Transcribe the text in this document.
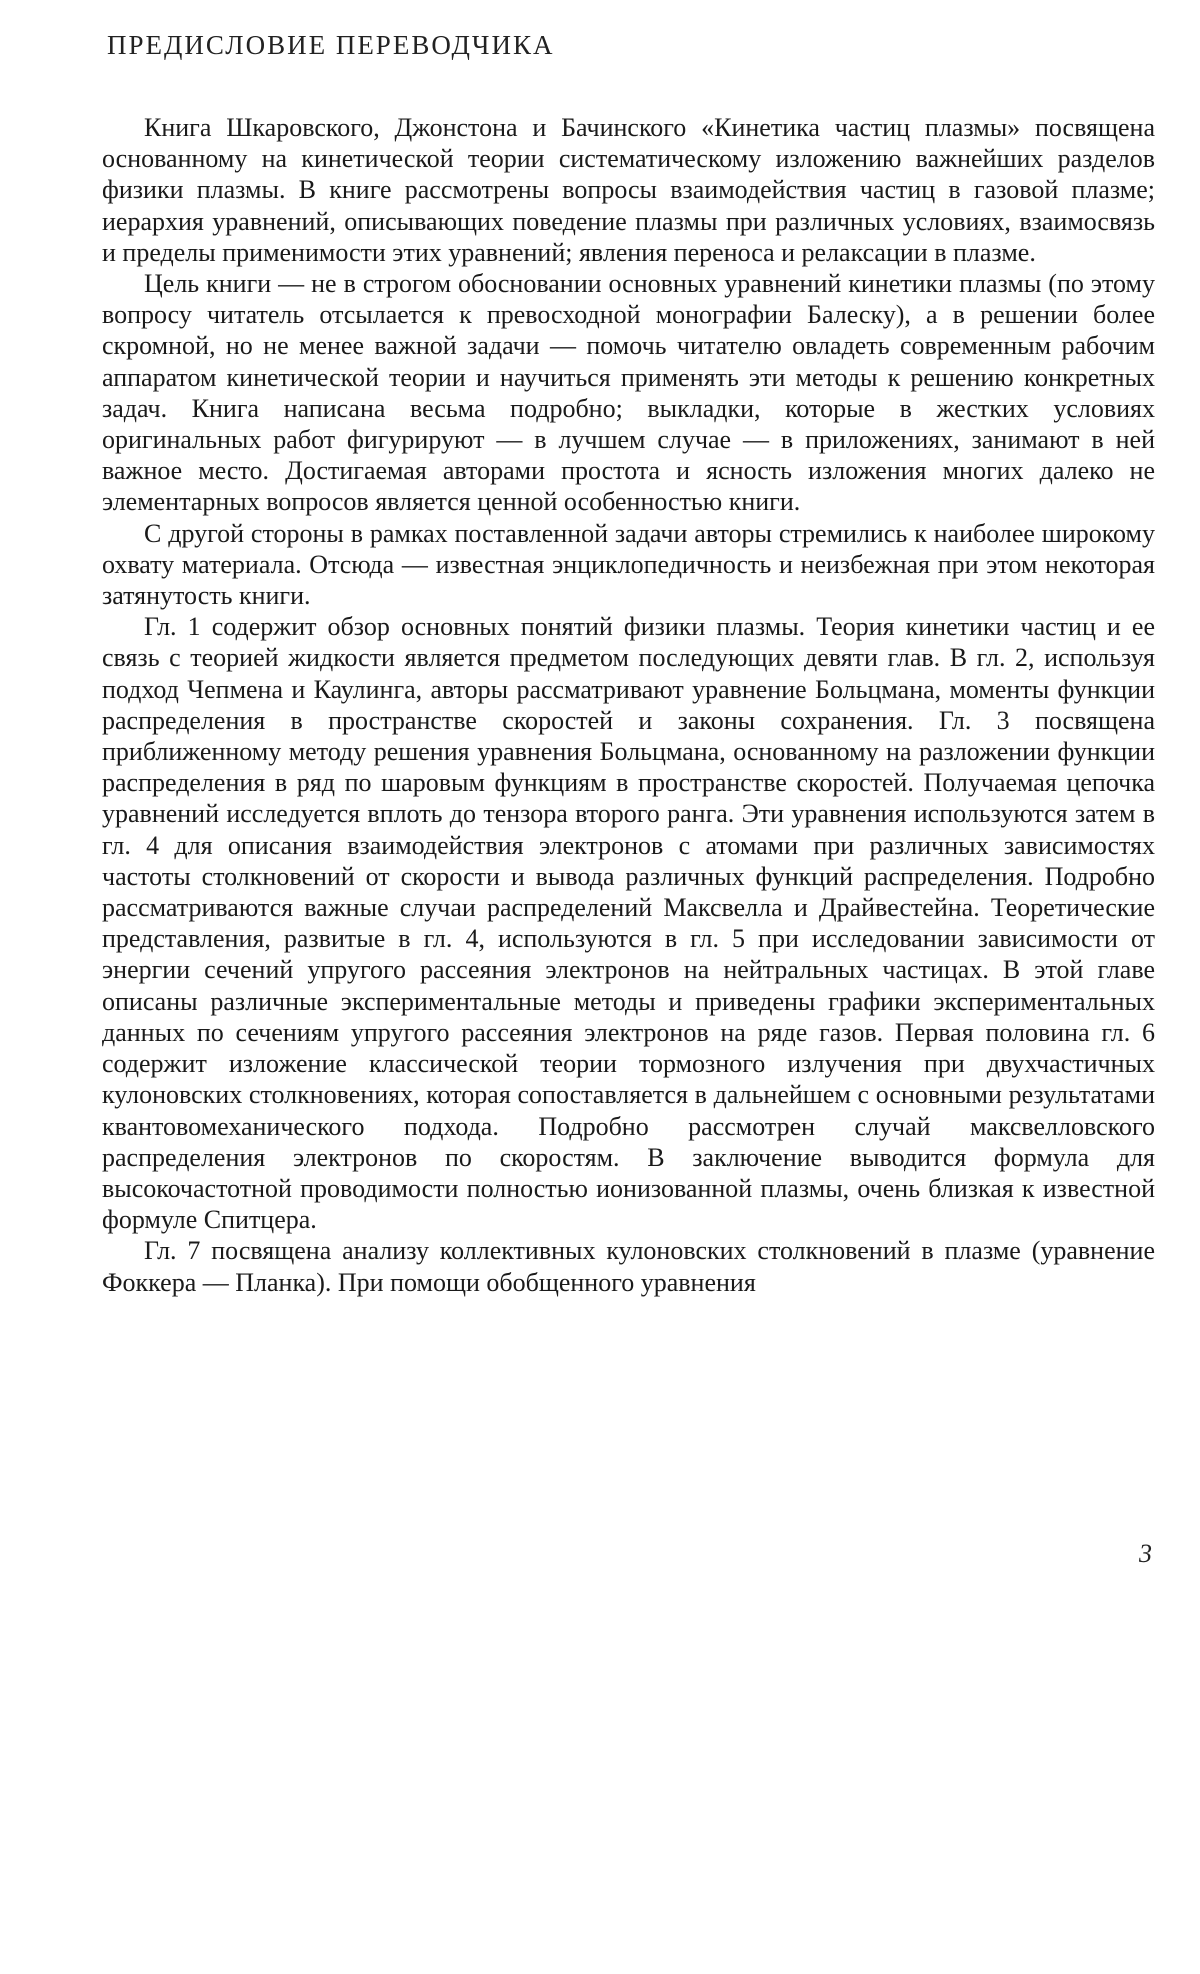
ПРЕДИСЛОВИЕ ПЕРЕВОДЧИКА

Книга Шкаровского, Джонстона и Бачинского «Кинетика частиц плазмы» посвящена основанному на кинетической теории систематическому изложению важнейших разделов физики плазмы. В книге рассмотрены вопросы взаимодействия частиц в газовой плазме; иерархия уравнений, описывающих поведение плазмы при различных условиях, взаимосвязь и пределы применимости этих уравнений; явления переноса и релаксации в плазме.

Цель книги — не в строгом обосновании основных уравнений кинетики плазмы (по этому вопросу читатель отсылается к превосходной монографии Балеску), а в решении более скромной, но не менее важной задачи — помочь читателю овладеть современным рабочим аппаратом кинетической теории и научиться применять эти методы к решению конкретных задач. Книга написана весьма подробно; выкладки, которые в жестких условиях оригинальных работ фигурируют — в лучшем случае — в приложениях, занимают в ней важное место. Достигаемая авторами простота и ясность изложения многих далеко не элементарных вопросов является ценной особенностью книги.

С другой стороны в рамках поставленной задачи авторы стремились к наиболее широкому охвату материала. Отсюда — известная энциклопедичность и неизбежная при этом некоторая затянутость книги.

Гл. 1 содержит обзор основных понятий физики плазмы. Теория кинетики частиц и ее связь с теорией жидкости является предметом последующих девяти глав. В гл. 2, используя подход Чепмена и Каулинга, авторы рассматривают уравнение Больцмана, моменты функции распределения в пространстве скоростей и законы сохранения. Гл. 3 посвящена приближенному методу решения уравнения Больцмана, основанному на разложении функции распределения в ряд по шаровым функциям в пространстве скоростей. Получаемая цепочка уравнений исследуется вплоть до тензора второго ранга. Эти уравнения используются затем в гл. 4 для описания взаимодействия электронов с атомами при различных зависимостях частоты столкновений от скорости и вывода различных функций распределения. Подробно рассматриваются важные случаи распределений Максвелла и Драйвестейна. Теоретические представления, развитые в гл. 4, используются в гл. 5 при исследовании зависимости от энергии сечений упругого рассеяния электронов на нейтральных частицах. В этой главе описаны различные экспериментальные методы и приведены графики экспериментальных данных по сечениям упругого рассеяния электронов на ряде газов. Первая половина гл. 6 содержит изложение классической теории тормозного излучения при двухчастичных кулоновских столкновениях, которая сопоставляется в дальнейшем с основными результатами квантовомеханического подхода. Подробно рассмотрен случай максвелловского распределения электронов по скоростям. В заключение выводится формула для высокочастотной проводимости полностью ионизованной плазмы, очень близкая к известной формуле Спитцера.

Гл. 7 посвящена анализу коллективных кулоновских столкновений в плазме (уравнение Фоккера — Планка). При помощи обобщенного уравнения

3
